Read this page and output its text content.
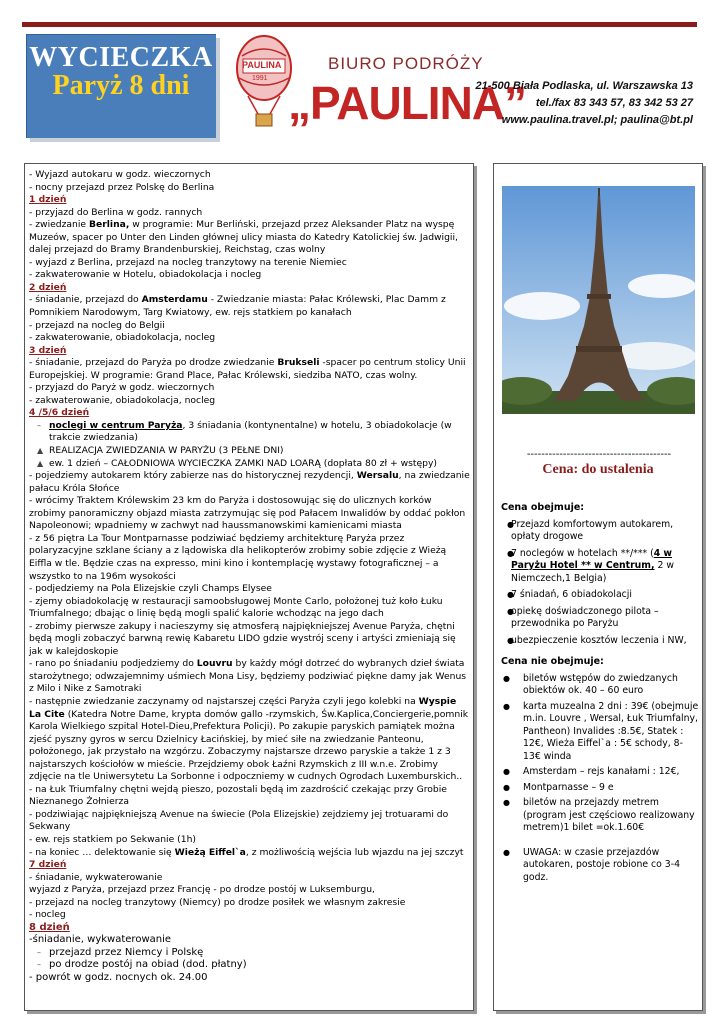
WYCIECZKA
Paryż 8 dni
PAULINA
1991
BIURO PODRÓŻY
„PAULINA”
21-500 Biała Podlaska, ul. Warszawska 13
tel./fax 83 343 57, 83 342 53 27
www.paulina.travel.pl; paulina@bt.pl

- Wyjazd autokaru w godz. wieczornych

- nocny przejazd przez Polskę do Berlina

1 dzień

- przyjazd do Berlina w godz. rannych

- zwiedzanie Berlina, w programie: Mur Berliński, przejazd przez Aleksander Platz na wyspę Muzeów, spacer po Unter den Linden głównej ulicy miasta do Katedry Katolickiej św. Jadwigii, dalej przejazd do Bramy Brandenburskiej, Reichstag, czas wolny

- wyjazd z Berlina, przejazd na nocleg tranzytowy na terenie Niemiec

- zakwaterowanie w Hotelu, obiadokolacja i nocleg

2 dzień

- śniadanie, przejazd do Amsterdamu - Zwiedzanie miasta: Pałac Królewski, Plac Damm z Pomnikiem Narodowym, Targ Kwiatowy, ew. rejs statkiem po kanałach

- przejazd na nocleg do Belgii

- zakwaterowanie, obiadokolacja, nocleg

3 dzień

- śniadanie, przejazd do Paryża po drodze zwiedzanie Brukseli -spacer po centrum stolicy Unii Europejskiej. W programie: Grand Place, Pałac Królewski, siedziba NATO, czas wolny.

- przyjazd do Paryż w godz. wieczornych

- zakwaterowanie, obiadokolacja, nocleg

4 /5/6 dzień

– noclegi w centrum Paryża, 3 śniadania (kontynentalne) w hotelu, 3 obiadokolacje (w trakcie zwiedzania)

▲ REALIZACJA ZWIEDZANIA W PARYŻU (3 PEŁNE DNI)

▲ ew. 1 dzień – CAŁODNIOWA WYCIECZKA ZAMKI NAD LOARĄ (dopłata 80 zł + wstępy)

- pojedziemy autokarem który zabierze nas do historycznej rezydencji, Wersalu, na zwiedzanie pałacu Króla Słońce

- wrócimy Traktem Królewskim 23 km do Paryża i dostosowując się do ulicznych korków zrobimy panoramiczny objazd miasta zatrzymując się pod Pałacem Inwalidów by oddać pokłon Napoleonowi; wpadniemy w zachwyt nad haussmanowskimi kamienicami miasta

- z 56 piętra La Tour Montparnasse podziwiać będziemy architekturę Paryża przez polaryzacyjne szklane ściany a z lądowiska dla helikopterów zrobimy sobie zdjęcie z Wieżą Eiffla w tle. Będzie czas na expresso, mini kino i kontemplację wystawy fotograficznej – a wszystko to na 196m wysokości

- podjedziemy na Pola Elizejskie czyli Champs Elysee

- zjemy obiadokolację w restauracji samoobsługowej Monte Carlo, położonej tuż koło Łuku Triumfalnego; dbając o linię będą mogli spalić kalorie wchodząc na jego dach

- zrobimy pierwsze zakupy i nacieszymy się atmosferą najpiękniejszej Avenue Paryża, chętni będą mogli zobaczyć barwną rewię Kabaretu LIDO gdzie wystrój sceny i artyści zmieniają się jak w kalejdoskopie

- rano po śniadaniu podjedziemy do Louvru by każdy mógł dotrzeć do wybranych dzieł świata starożytnego; odwzajemnimy uśmiech Mona Lisy, będziemy podziwiać piękne damy jak Wenus z Milo i Nike z Samotraki

- następnie zwiedzanie zaczynamy od najstarszej części Paryża czyli jego kolebki na Wyspie La Cite (Katedra Notre Dame, krypta domów gallo -rzymskich, Św.Kaplica,Conciergerie,pomnik Karola Wielkiego szpital Hotel-Dieu,Prefektura Policji). Po zakupie paryskich pamiątek można zjeść pyszny gyros w sercu Dzielnicy Łacińskiej, by mieć siłe na zwiedzanie Panteonu, położonego, jak przystało na wzgórzu. Zobaczymy najstarsze drzewo paryskie a także 1 z 3 najstarszych kościołów w mieście. Przejdziemy obok Łaźni Rzymskich z III w.n.e. Zrobimy zdjęcie na tle Uniwersytetu La Sorbonne i odpoczniemy w cudnych Ogrodach Luxemburskich..

- na Łuk Triumfalny chętni wejdą pieszo, pozostali będą im zazdrościć czekając przy Grobie Nieznanego Żołnierza

- podziwiając najpiękniejszą Avenue na świecie (Pola Elizejskie) zejdziemy jej trotuarami do Sekwany

- ew. rejs statkiem po Sekwanie (1h)

- na koniec … delektowanie się Wieżą Eiffel`a, z możliwością wejścia lub wjazdu na jej szczyt

7 dzień

- śniadanie, wykwaterowanie

wyjazd z Paryża, przejazd przez Francję - po drodze postój w Luksemburgu,

- przejazd na nocleg tranzytowy (Niemcy) po drodze posiłek we własnym zakresie

- nocleg

8 dzień

-śniadanie, wykwaterowanie

– przejazd przez Niemcy i Polskę

– po drodze postój na obiad (dod. płatny)

- powrót w godz. nocnych ok. 24.00

----------------------------------------
Cena: do ustalenia
Cena obejmuje:
● Przejazd komfortowym autokarem, opłaty drogowe
● 7 noclegów w hotelach **/*** (4 w Paryżu Hotel ** w Centrum, 2 w Niemczech,1 Belgia)
● 7 śniadań, 6 obiadokolacji
● opiekę doświadczonego pilota – przewodnika po Paryżu
● ubezpieczenie kosztów leczenia i NW,
Cena nie obejmuje:
● biletów wstępów do zwiedzanych obiektów ok. 40 – 60 euro
● karta muzealna 2 dni : 39€ (obejmuje m.in. Louvre , Wersal, Łuk Triumfalny, Pantheon) Invalides :8.5€, Statek : 12€, Wieża Eiffel`a : 5€ schody, 8- 13€ winda
● Amsterdam – rejs kanałami : 12€,
● Montparnasse – 9 e
● biletów na przejazdy metrem (program jest częściowo realizowany metrem)1 bilet =ok.1.60€
● UWAGA: w czasie przejazdów autokaren, postoje robione co 3-4 godz.
